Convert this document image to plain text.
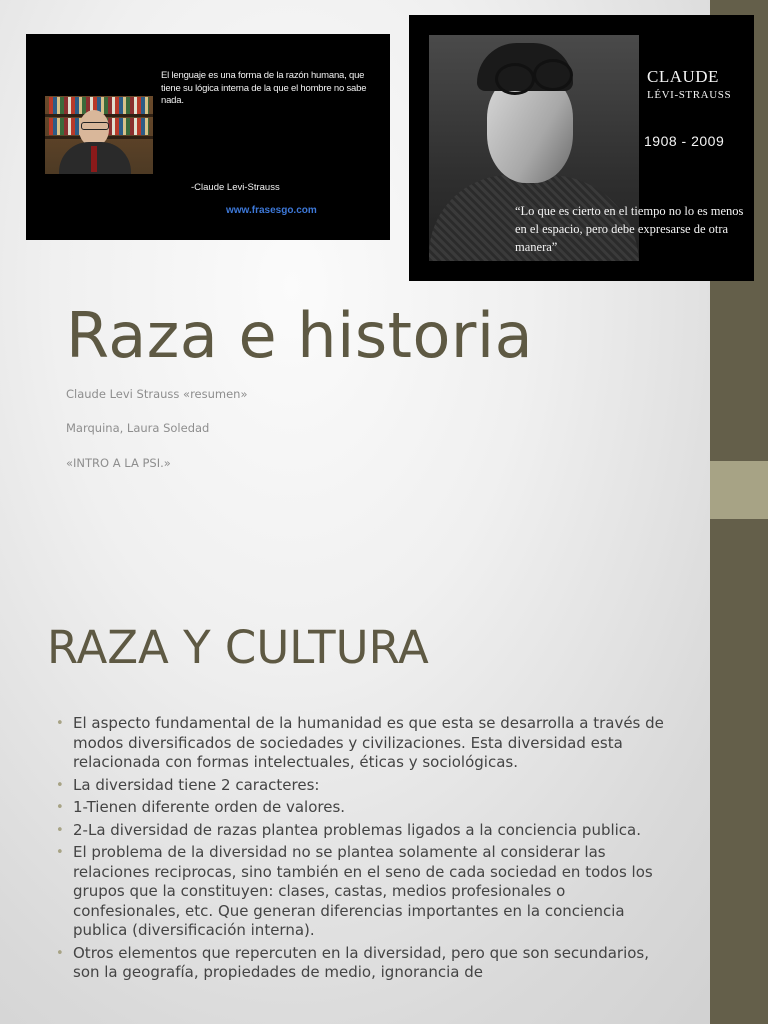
El lenguaje es una forma de la razón humana, que tiene su lógica interna de la que el hombre no sabe nada.
-Claude Levi-Strauss
www.frasesgo.com
CLAUDE
LÉVI-STRAUSS
1908 - 2009
“Lo que es cierto en el tiempo no lo es menos en el espacio, pero debe expresarse de otra manera”
Raza e historia
Claude Levi Strauss «resumen»
Marquina, Laura Soledad
«INTRO A LA PSI.»
RAZA Y CULTURA
• El aspecto fundamental de la humanidad es que esta se desarrolla a través de modos diversificados de sociedades y civilizaciones. Esta diversidad esta relacionada con formas intelectuales, éticas y sociológicas.
• La diversidad tiene 2 caracteres:
• 1-Tienen diferente orden de valores.
• 2-La diversidad de razas plantea problemas ligados a la conciencia publica.
• El problema de la diversidad no se plantea solamente al considerar las relaciones reciprocas, sino también en el seno de cada sociedad en todos los grupos que la constituyen: clases, castas, medios profesionales o confesionales, etc. Que generan diferencias importantes en la conciencia publica (diversificación interna).
• Otros elementos que repercuten en la diversidad, pero que son secundarios, son la geografía, propiedades de medio, ignorancia de
